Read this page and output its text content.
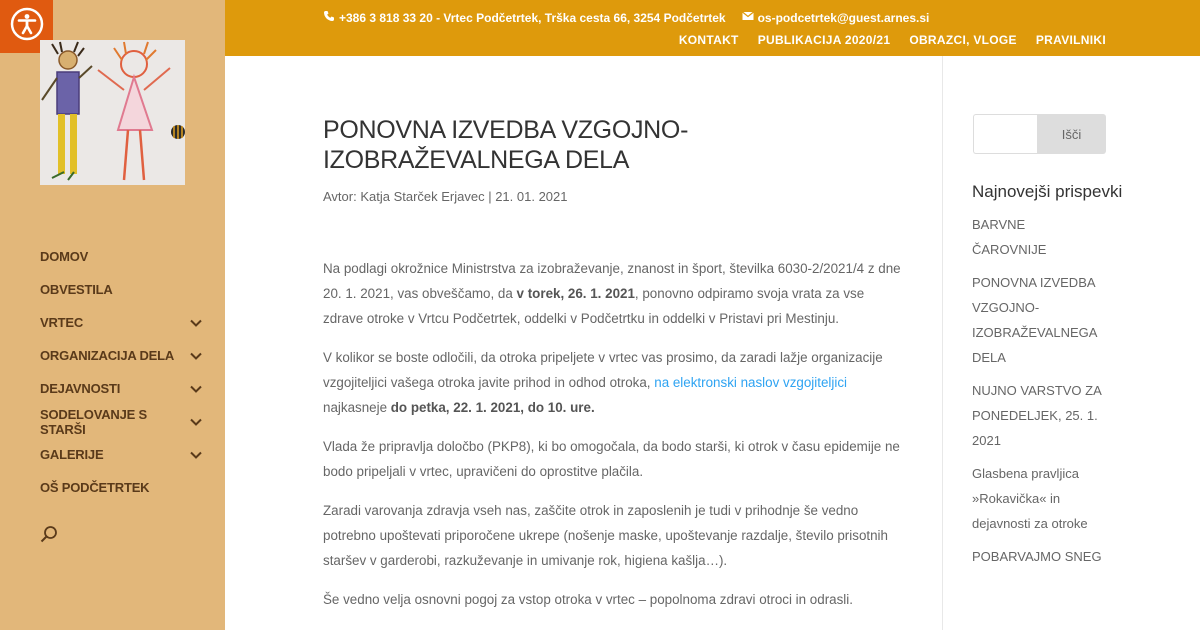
DOMOV
OBVESTILA
VRTEC
ORGANIZACIJA DELA
DEJAVNOSTI
SODELOVANJE S STARŠI
GALERIJE
OŠ PODČETRTEK
+386 3 818 33 20 - Vrtec Podčetrtek, Trška cesta 66, 3254 Podčetrtek	os-podcetrtek@guest.arnes.si
KONTAKT PUBLIKACIJA 2020/21 OBRAZCI, VLOGE PRAVILNIKI
PONOVNA IZVEDBA VZGOJNO-IZOBRAŽEVALNEGA DELA
Avtor: Katja Starček Erjavec | 21. 01. 2021

Na podlagi okrožnice Ministrstva za izobraževanje, znanost in šport, številka 6030-2/2021/4 z dne 20. 1. 2021, vas obveščamo, da v torek, 26. 1. 2021, ponovno odpiramo svoja vrata za vse zdrave otroke v Vrtcu Podčetrtek, oddelki v Podčetrtku in oddelki v Pristavi pri Mestinju.

V kolikor se boste odločili, da otroka pripeljete v vrtec vas prosimo, da zaradi lažje organizacije vzgojiteljici vašega otroka javite prihod in odhod otroka, na elektronski naslov vzgojiteljici najkasneje do petka, 22. 1. 2021, do 10. ure.

Vlada že pripravlja določbo (PKP8), ki bo omogočala, da bodo starši, ki otrok v času epidemije ne bodo pripeljali v vrtec, upravičeni do oprostitve plačila.

Zaradi varovanja zdravja vseh nas, zaščite otrok in zaposlenih je tudi v prihodnje še vedno potrebno upoštevati priporočene ukrepe (nošenje maske, upoštevanje razdalje, število prisotnih staršev v garderobi, razkuževanje in umivanje rok, higiena kašlja…).

Še vedno velja osnovni pogoj za vstop otroka v vrtec – popolnoma zdravi otroci in odrasli.

Išči
Najnovejši prispevki
BARVNE ČAROVNIJE
PONOVNA IZVEDBA VZGOJNO-IZOBRAŽEVALNEGA DELA
NUJNO VARSTVO ZA PONEDELJEK, 25. 1. 2021
Glasbena pravljica »Rokavička« in dejavnosti za otroke
POBARVAJMO SNEG
